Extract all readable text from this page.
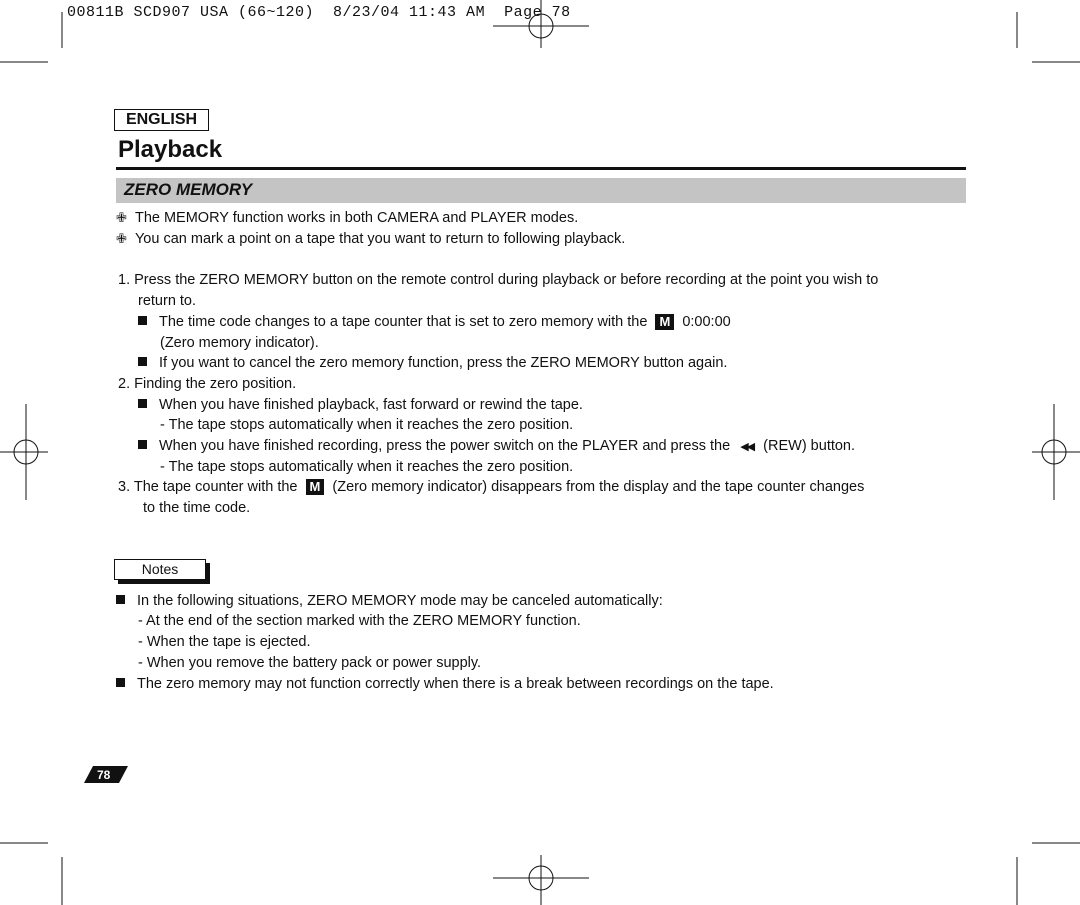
00811B SCD907 USA (66~120)  8/23/04 11:43 AM  Page 78
ENGLISH
Playback
ZERO MEMORY
✙ The MEMORY function works in both CAMERA and PLAYER modes.
✙ You can mark a point on a tape that you want to return to following playback.
1. Press the ZERO MEMORY button on the remote control during playback or before recording at the point you wish to
return to.
The time code changes to a tape counter that is set to zero memory with the M 0:00:00
(Zero memory indicator).
If you want to cancel the zero memory function, press the ZERO MEMORY button again.
2. Finding the zero position.
When you have finished playback, fast forward or rewind the tape.
- The tape stops automatically when it reaches the zero position.
When you have finished recording, press the power switch on the PLAYER and press the ◀◀ (REW) button.
- The tape stops automatically when it reaches the zero position.
3. The tape counter with the M (Zero memory indicator) disappears from the display and the tape counter changes
to the time code.
Notes
In the following situations, ZERO MEMORY mode may be canceled automatically:
- At the end of the section marked with the ZERO MEMORY function.
- When the tape is ejected.
- When you remove the battery pack or power supply.
The zero memory may not function correctly when there is a break between recordings on the tape.
78
